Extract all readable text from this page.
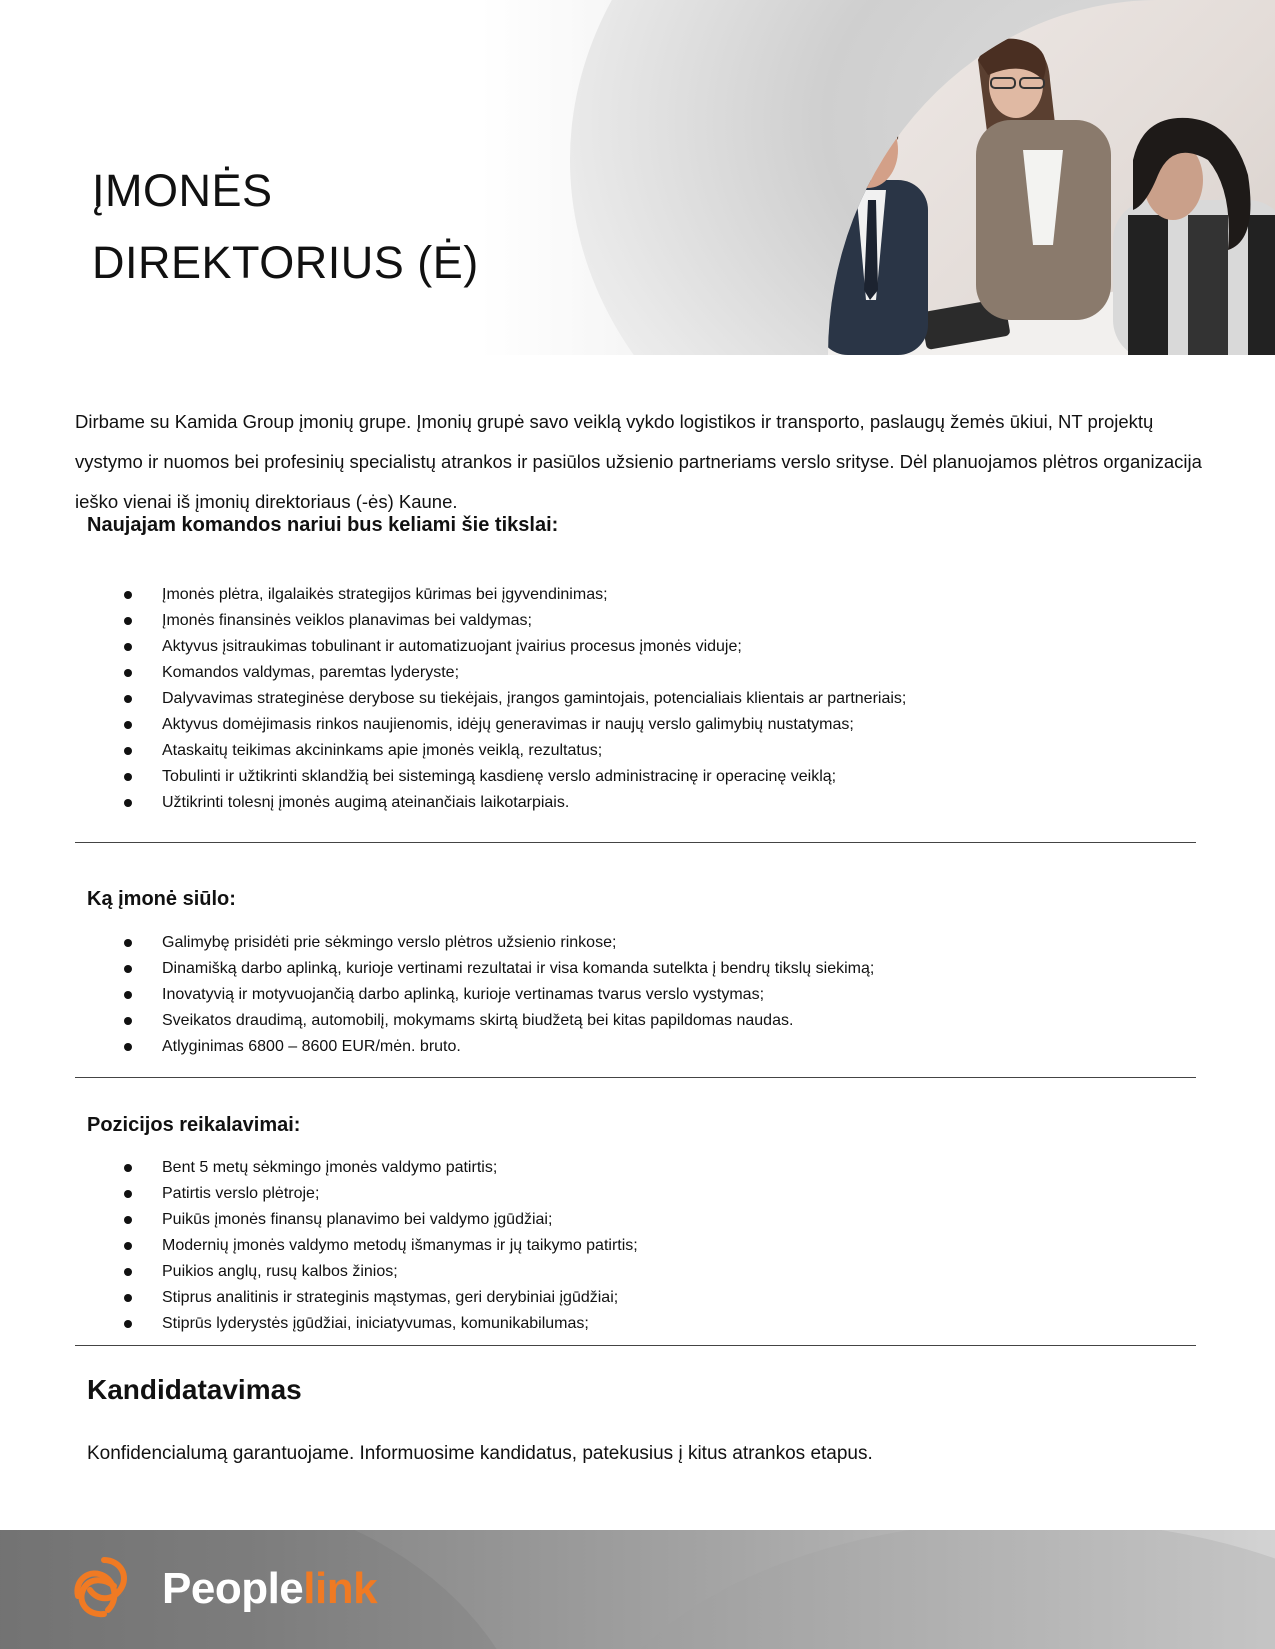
ĮMONĖS
DIREKTORIUS (Ė)

Dirbame su Kamida Group įmonių grupe. Įmonių grupė savo veiklą vykdo logistikos ir transporto, paslaugų žemės ūkiui, NT projektų vystymo ir nuomos bei profesinių specialistų atrankos ir pasiūlos užsienio partneriams verslo srityse. Dėl planuojamos plėtros organizacija ieško vienai iš įmonių direktoriaus (-ės) Kaune.

Naujajam komandos nariui bus keliami šie tikslai:
Įmonės plėtra, ilgalaikės strategijos kūrimas bei įgyvendinimas;
Įmonės finansinės veiklos planavimas bei valdymas;
Aktyvus įsitraukimas tobulinant ir automatizuojant įvairius procesus įmonės viduje;
Komandos valdymas, paremtas lyderyste;
Dalyvavimas strateginėse derybose su tiekėjais, įrangos gamintojais, potencialiais klientais ar partneriais;
Aktyvus domėjimasis rinkos naujienomis, idėjų generavimas ir naujų verslo galimybių nustatymas;
Ataskaitų teikimas akcininkams apie įmonės veiklą, rezultatus;
Tobulinti ir užtikrinti sklandžią bei sistemingą kasdienę verslo administracinę ir operacinę veiklą;
Užtikrinti tolesnį įmonės augimą ateinančiais laikotarpiais.
Ką įmonė siūlo:
Galimybę prisidėti prie sėkmingo verslo plėtros užsienio rinkose;
Dinamišką darbo aplinką, kurioje vertinami rezultatai ir visa komanda sutelkta į bendrų tikslų siekimą;
Inovatyvią ir motyvuojančią darbo aplinką, kurioje vertinamas tvarus verslo vystymas;
Sveikatos draudimą, automobilį, mokymams skirtą biudžetą bei kitas papildomas naudas.
Atlyginimas 6800 – 8600 EUR/mėn. bruto.
Pozicijos reikalavimai:
Bent 5 metų sėkmingo įmonės valdymo patirtis;
Patirtis verslo plėtroje;
Puikūs įmonės finansų planavimo bei valdymo įgūdžiai;
Modernių įmonės valdymo metodų išmanymas ir jų taikymo patirtis;
Puikios anglų, rusų kalbos žinios;
Stiprus analitinis ir strateginis mąstymas, geri derybiniai įgūdžiai;
Stiprūs lyderystės įgūdžiai, iniciatyvumas, komunikabilumas;
Kandidatavimas

Konfidencialumą garantuojame. Informuosime kandidatus, patekusius į kitus atrankos etapus.

Peoplelink
